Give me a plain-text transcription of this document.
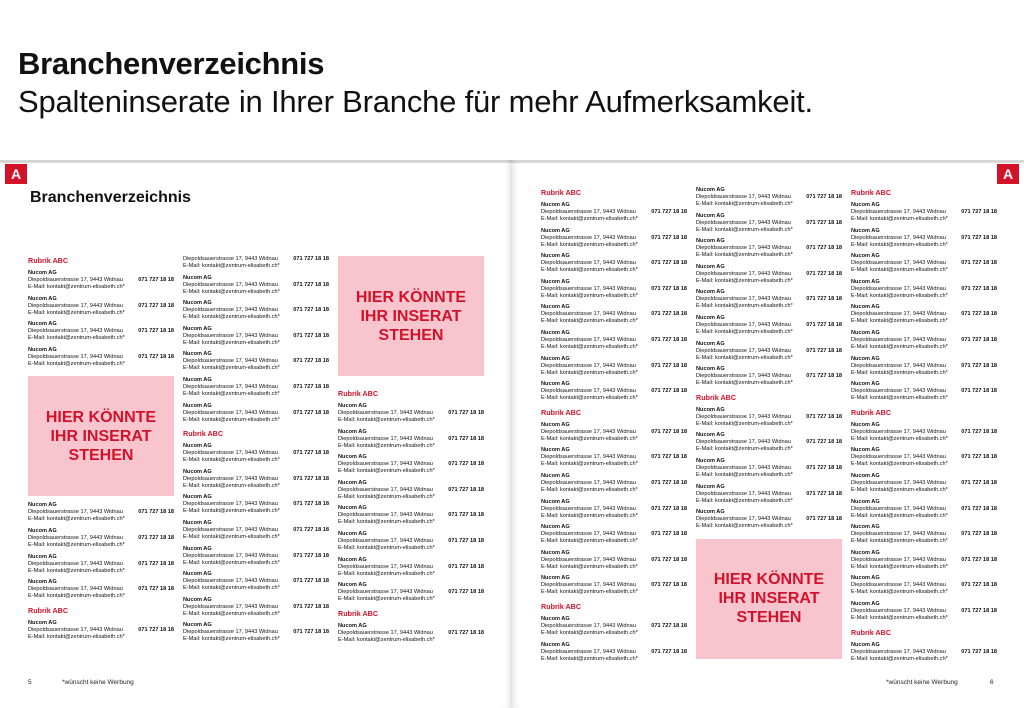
Branchenverzeichnis
Spalteninserate in Ihrer Branche für mehr Aufmerksamkeit.
A	A
Branchenverzeichnis
Rubrik ABC
Nucom AG
Diepoldsauerstrasse 17, 9443 Widnau
E-Mail: kontakt@zentrum-elisabeth.ch*
071 727 18 18
Nucom AG
Diepoldsauerstrasse 17, 9443 Widnau
E-Mail: kontakt@zentrum-elisabeth.ch*
071 727 18 18
Nucom AG
Diepoldsauerstrasse 17, 9443 Widnau
E-Mail: kontakt@zentrum-elisabeth.ch*
071 727 18 18
Nucom AG
Diepoldsauerstrasse 17, 9443 Widnau
E-Mail: kontakt@zentrum-elisabeth.ch*
071 727 18 18
HIER KÖNNTE
IHR INSERAT
STEHEN
Nucom AG
Diepoldsauerstrasse 17, 9443 Widnau
E-Mail: kontakt@zentrum-elisabeth.ch*
071 727 18 18
Nucom AG
Diepoldsauerstrasse 17, 9443 Widnau
E-Mail: kontakt@zentrum-elisabeth.ch*
071 727 18 18
Nucom AG
Diepoldsauerstrasse 17, 9443 Widnau
E-Mail: kontakt@zentrum-elisabeth.ch*
071 727 18 18
Nucom AG
Diepoldsauerstrasse 17, 9443 Widnau
E-Mail: kontakt@zentrum-elisabeth.ch*
071 727 18 18
Rubrik ABC
Nucom AG
Diepoldsauerstrasse 17, 9443 Widnau
E-Mail: kontakt@zentrum-elisabeth.ch*
071 727 18 18
Diepoldsauerstrasse 17, 9443 Widnau
E-Mail: kontakt@zentrum-elisabeth.ch*
071 727 18 18
Nucom AG
Diepoldsauerstrasse 17, 9443 Widnau
E-Mail: kontakt@zentrum-elisabeth.ch*
071 727 18 18
Nucom AG
Diepoldsauerstrasse 17, 9443 Widnau
E-Mail: kontakt@zentrum-elisabeth.ch*
071 727 18 18
Nucom AG
Diepoldsauerstrasse 17, 9443 Widnau
E-Mail: kontakt@zentrum-elisabeth.ch*
071 727 18 18
Nucom AG
Diepoldsauerstrasse 17, 9443 Widnau
E-Mail: kontakt@zentrum-elisabeth.ch*
071 727 18 18
Nucom AG
Diepoldsauerstrasse 17, 9443 Widnau
E-Mail: kontakt@zentrum-elisabeth.ch*
071 727 18 18
Nucom AG
Diepoldsauerstrasse 17, 9443 Widnau
E-Mail: kontakt@zentrum-elisabeth.ch*
071 727 18 18
Rubrik ABC
Nucom AG
Diepoldsauerstrasse 17, 9443 Widnau
E-Mail: kontakt@zentrum-elisabeth.ch*
071 727 18 18
Nucom AG
Diepoldsauerstrasse 17, 9443 Widnau
E-Mail: kontakt@zentrum-elisabeth.ch*
071 727 18 18
Nucom AG
Diepoldsauerstrasse 17, 9443 Widnau
E-Mail: kontakt@zentrum-elisabeth.ch*
071 727 18 18
Nucom AG
Diepoldsauerstrasse 17, 9443 Widnau
E-Mail: kontakt@zentrum-elisabeth.ch*
071 727 18 18
Nucom AG
Diepoldsauerstrasse 17, 9443 Widnau
E-Mail: kontakt@zentrum-elisabeth.ch*
071 727 18 18
Nucom AG
Diepoldsauerstrasse 17, 9443 Widnau
E-Mail: kontakt@zentrum-elisabeth.ch*
071 727 18 18
Nucom AG
Diepoldsauerstrasse 17, 9443 Widnau
E-Mail: kontakt@zentrum-elisabeth.ch*
071 727 18 18
Nucom AG
Diepoldsauerstrasse 17, 9443 Widnau
E-Mail: kontakt@zentrum-elisabeth.ch*
071 727 18 18
HIER KÖNNTE
IHR INSERAT
STEHEN
Rubrik ABC
Nucom AG
Diepoldsauerstrasse 17, 9443 Widnau
E-Mail: kontakt@zentrum-elisabeth.ch*
071 727 18 18
Nucom AG
Diepoldsauerstrasse 17, 9443 Widnau
E-Mail: kontakt@zentrum-elisabeth.ch*
071 727 18 18
Nucom AG
Diepoldsauerstrasse 17, 9443 Widnau
E-Mail: kontakt@zentrum-elisabeth.ch*
071 727 18 18
Nucom AG
Diepoldsauerstrasse 17, 9443 Widnau
E-Mail: kontakt@zentrum-elisabeth.ch*
071 727 18 18
Nucom AG
Diepoldsauerstrasse 17, 9443 Widnau
E-Mail: kontakt@zentrum-elisabeth.ch*
071 727 18 18
Nucom AG
Diepoldsauerstrasse 17, 9443 Widnau
E-Mail: kontakt@zentrum-elisabeth.ch*
071 727 18 18
Nucom AG
Diepoldsauerstrasse 17, 9443 Widnau
E-Mail: kontakt@zentrum-elisabeth.ch*
071 727 18 18
Nucom AG
Diepoldsauerstrasse 17, 9443 Widnau
E-Mail: kontakt@zentrum-elisabeth.ch*
071 727 18 18
Rubrik ABC
Nucom AG
Diepoldsauerstrasse 17, 9443 Widnau
E-Mail: kontakt@zentrum-elisabeth.ch*
071 727 18 18
Rubrik ABC
Nucom AG
Diepoldsauerstrasse 17, 9443 Widnau
E-Mail: kontakt@zentrum-elisabeth.ch*
071 727 18 18
Nucom AG
Diepoldsauerstrasse 17, 9443 Widnau
E-Mail: kontakt@zentrum-elisabeth.ch*
071 727 18 18
Nucom AG
Diepoldsauerstrasse 17, 9443 Widnau
E-Mail: kontakt@zentrum-elisabeth.ch*
071 727 18 18
Nucom AG
Diepoldsauerstrasse 17, 9443 Widnau
E-Mail: kontakt@zentrum-elisabeth.ch*
071 727 18 18
Nucom AG
Diepoldsauerstrasse 17, 9443 Widnau
E-Mail: kontakt@zentrum-elisabeth.ch*
071 727 18 18
Nucom AG
Diepoldsauerstrasse 17, 9443 Widnau
E-Mail: kontakt@zentrum-elisabeth.ch*
071 727 18 18
Nucom AG
Diepoldsauerstrasse 17, 9443 Widnau
E-Mail: kontakt@zentrum-elisabeth.ch*
071 727 18 18
Nucom AG
Diepoldsauerstrasse 17, 9443 Widnau
E-Mail: kontakt@zentrum-elisabeth.ch*
071 727 18 18
Rubrik ABC
Nucom AG
Diepoldsauerstrasse 17, 9443 Widnau
E-Mail: kontakt@zentrum-elisabeth.ch*
071 727 18 18
Nucom AG
Diepoldsauerstrasse 17, 9443 Widnau
E-Mail: kontakt@zentrum-elisabeth.ch*
071 727 18 18
Nucom AG
Diepoldsauerstrasse 17, 9443 Widnau
E-Mail: kontakt@zentrum-elisabeth.ch*
071 727 18 18
Nucom AG
Diepoldsauerstrasse 17, 9443 Widnau
E-Mail: kontakt@zentrum-elisabeth.ch*
071 727 18 18
Nucom AG
Diepoldsauerstrasse 17, 9443 Widnau
E-Mail: kontakt@zentrum-elisabeth.ch*
071 727 18 18
Nucom AG
Diepoldsauerstrasse 17, 9443 Widnau
E-Mail: kontakt@zentrum-elisabeth.ch*
071 727 18 18
Nucom AG
Diepoldsauerstrasse 17, 9443 Widnau
E-Mail: kontakt@zentrum-elisabeth.ch*
071 727 18 18
Rubrik ABC
Nucom AG
Diepoldsauerstrasse 17, 9443 Widnau
E-Mail: kontakt@zentrum-elisabeth.ch*
071 727 18 18
Nucom AG
Diepoldsauerstrasse 17, 9443 Widnau
E-Mail: kontakt@zentrum-elisabeth.ch*
071 727 18 18
Nucom AG
Diepoldsauerstrasse 17, 9443 Widnau
E-Mail: kontakt@zentrum-elisabeth.ch*
071 727 18 18
Nucom AG
Diepoldsauerstrasse 17, 9443 Widnau
E-Mail: kontakt@zentrum-elisabeth.ch*
071 727 18 18
Nucom AG
Diepoldsauerstrasse 17, 9443 Widnau
E-Mail: kontakt@zentrum-elisabeth.ch*
071 727 18 18
Nucom AG
Diepoldsauerstrasse 17, 9443 Widnau
E-Mail: kontakt@zentrum-elisabeth.ch*
071 727 18 18
Nucom AG
Diepoldsauerstrasse 17, 9443 Widnau
E-Mail: kontakt@zentrum-elisabeth.ch*
071 727 18 18
Nucom AG
Diepoldsauerstrasse 17, 9443 Widnau
E-Mail: kontakt@zentrum-elisabeth.ch*
071 727 18 18
Nucom AG
Diepoldsauerstrasse 17, 9443 Widnau
E-Mail: kontakt@zentrum-elisabeth.ch*
071 727 18 18
Nucom AG
Diepoldsauerstrasse 17, 9443 Widnau
E-Mail: kontakt@zentrum-elisabeth.ch*
071 727 18 18
Rubrik ABC
Nucom AG
Diepoldsauerstrasse 17, 9443 Widnau
E-Mail: kontakt@zentrum-elisabeth.ch*
071 727 18 18
Nucom AG
Diepoldsauerstrasse 17, 9443 Widnau
E-Mail: kontakt@zentrum-elisabeth.ch*
071 727 18 18
Nucom AG
Diepoldsauerstrasse 17, 9443 Widnau
E-Mail: kontakt@zentrum-elisabeth.ch*
071 727 18 18
Nucom AG
Diepoldsauerstrasse 17, 9443 Widnau
E-Mail: kontakt@zentrum-elisabeth.ch*
071 727 18 18
Nucom AG
Diepoldsauerstrasse 17, 9443 Widnau
E-Mail: kontakt@zentrum-elisabeth.ch*
071 727 18 18
HIER KÖNNTE
IHR INSERAT
STEHEN
Rubrik ABC
Nucom AG
Diepoldsauerstrasse 17, 9443 Widnau
E-Mail: kontakt@zentrum-elisabeth.ch*
071 727 18 18
Nucom AG
Diepoldsauerstrasse 17, 9443 Widnau
E-Mail: kontakt@zentrum-elisabeth.ch*
071 727 18 18
Nucom AG
Diepoldsauerstrasse 17, 9443 Widnau
E-Mail: kontakt@zentrum-elisabeth.ch*
071 727 18 18
Nucom AG
Diepoldsauerstrasse 17, 9443 Widnau
E-Mail: kontakt@zentrum-elisabeth.ch*
071 727 18 18
Nucom AG
Diepoldsauerstrasse 17, 9443 Widnau
E-Mail: kontakt@zentrum-elisabeth.ch*
071 727 18 18
Nucom AG
Diepoldsauerstrasse 17, 9443 Widnau
E-Mail: kontakt@zentrum-elisabeth.ch*
071 727 18 18
Nucom AG
Diepoldsauerstrasse 17, 9443 Widnau
E-Mail: kontakt@zentrum-elisabeth.ch*
071 727 18 18
Nucom AG
Diepoldsauerstrasse 17, 9443 Widnau
E-Mail: kontakt@zentrum-elisabeth.ch*
071 727 18 18
Rubrik ABC
Nucom AG
Diepoldsauerstrasse 17, 9443 Widnau
E-Mail: kontakt@zentrum-elisabeth.ch*
071 727 18 18
Nucom AG
Diepoldsauerstrasse 17, 9443 Widnau
E-Mail: kontakt@zentrum-elisabeth.ch*
071 727 18 18
Nucom AG
Diepoldsauerstrasse 17, 9443 Widnau
E-Mail: kontakt@zentrum-elisabeth.ch*
071 727 18 18
Nucom AG
Diepoldsauerstrasse 17, 9443 Widnau
E-Mail: kontakt@zentrum-elisabeth.ch*
071 727 18 18
Nucom AG
Diepoldsauerstrasse 17, 9443 Widnau
E-Mail: kontakt@zentrum-elisabeth.ch*
071 727 18 18
Nucom AG
Diepoldsauerstrasse 17, 9443 Widnau
E-Mail: kontakt@zentrum-elisabeth.ch*
071 727 18 18
Nucom AG
Diepoldsauerstrasse 17, 9443 Widnau
E-Mail: kontakt@zentrum-elisabeth.ch*
071 727 18 18
Nucom AG
Diepoldsauerstrasse 17, 9443 Widnau
E-Mail: kontakt@zentrum-elisabeth.ch*
071 727 18 18
Rubrik ABC
Nucom AG
Diepoldsauerstrasse 17, 9443 Widnau
E-Mail: kontakt@zentrum-elisabeth.ch*
071 727 18 18
5	*wünscht keine Werbung	*wünscht keine Werbung	6
